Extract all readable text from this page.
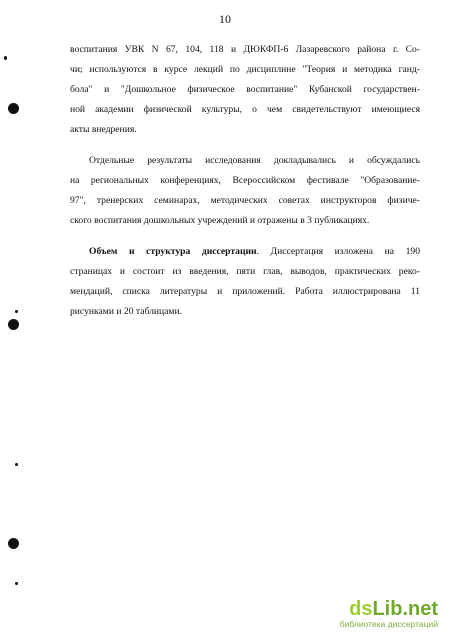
10
воспитания УВК N 67, 104, 118 и ДЮКФП-6 Лазаревского района г. Со-
чи; используются в курсе лекций по дисциплине "Теория и методика ганд-
бола" и "Дошкольное физическое воспитание" Кубанской государствен-
ной академии физической культуры, о чем свидетельствуют имеющиеся
акты внедрения.
Отдельные результаты исследования докладывались и обсуждались
на региональных конференциях, Всероссийском фестивале "Образование-
97", тренерских семинарах, методических советах инструкторов физиче-
ского воспитания дошкольных учреждений и отражены в 3 публикациях.
Объем и структура диссертации. Диссертация изложена на 190
страницах и состоит из введения, пяти глав, выводов, практических реко-
мендаций, списка литературы и приложений. Работа иллюстрирована 11
рисунками и 20 таблицами.
dsLib.net
библиотека диссертаций
